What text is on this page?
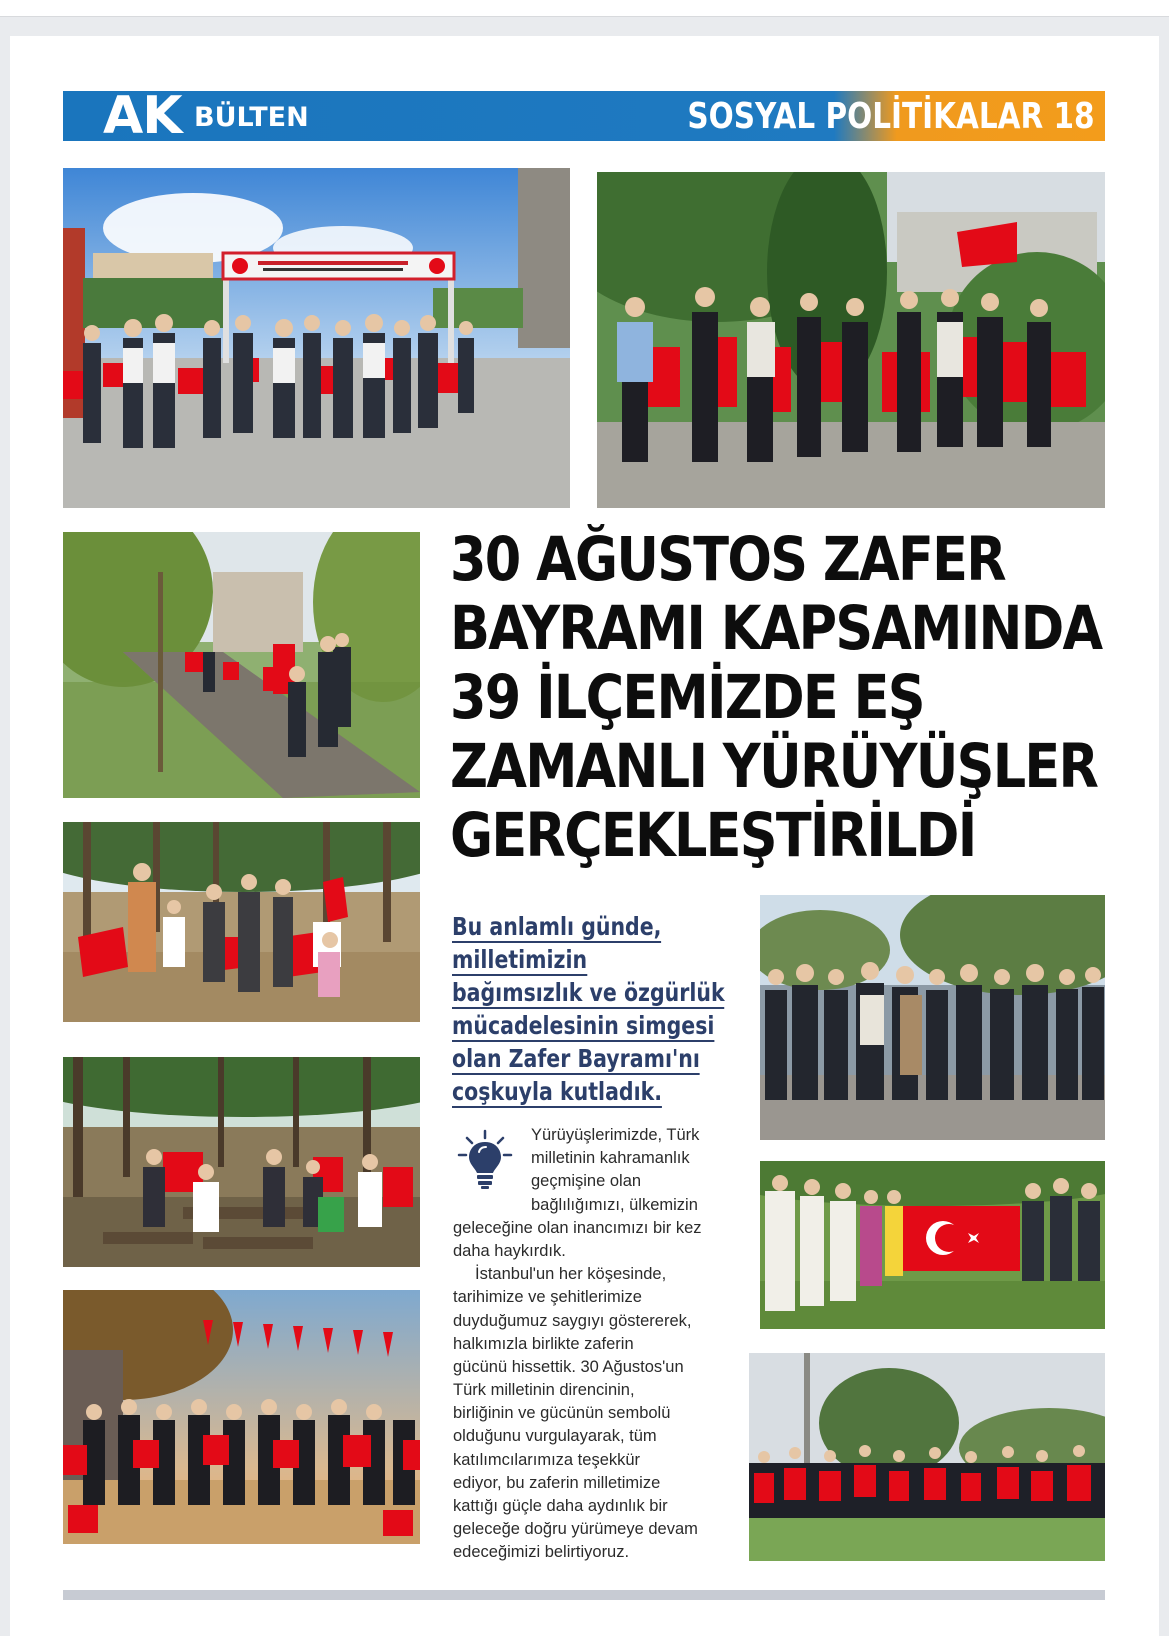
AK BÜLTEN	SOSYAL POLİTİKALAR 18
30 AĞUSTOS ZAFER
BAYRAMI KAPSAMINDA
39 İLÇEMİZDE EŞ
ZAMANLI YÜRÜYÜŞLER
GERÇEKLEŞTİRİLDİ
Bu anlamlı günde,
milletimizin
bağımsızlık ve özgürlük
mücadelesinin simgesi
olan Zafer Bayramı'nı
coşkuyla kutladık.
Yürüyüşlerimizde, Türk
milletinin kahramanlık
geçmişine olan
bağlılığımızı, ülkemizin
geleceğine olan inancımızı bir kez
daha haykırdık.
İstanbul'un her köşesinde,
tarihimize ve şehitlerimize
duyduğumuz saygıyı göstererek,
halkımızla birlikte zaferin
gücünü hissettik. 30 Ağustos'un
Türk milletinin direncinin,
birliğinin ve gücünün sembolü
olduğunu vurgulayarak, tüm
katılımcılarımıza teşekkür
ediyor, bu zaferin milletimize
kattığı güçle daha aydınlık bir
geleceğe doğru yürümeye devam
edeceğimizi belirtiyoruz.
